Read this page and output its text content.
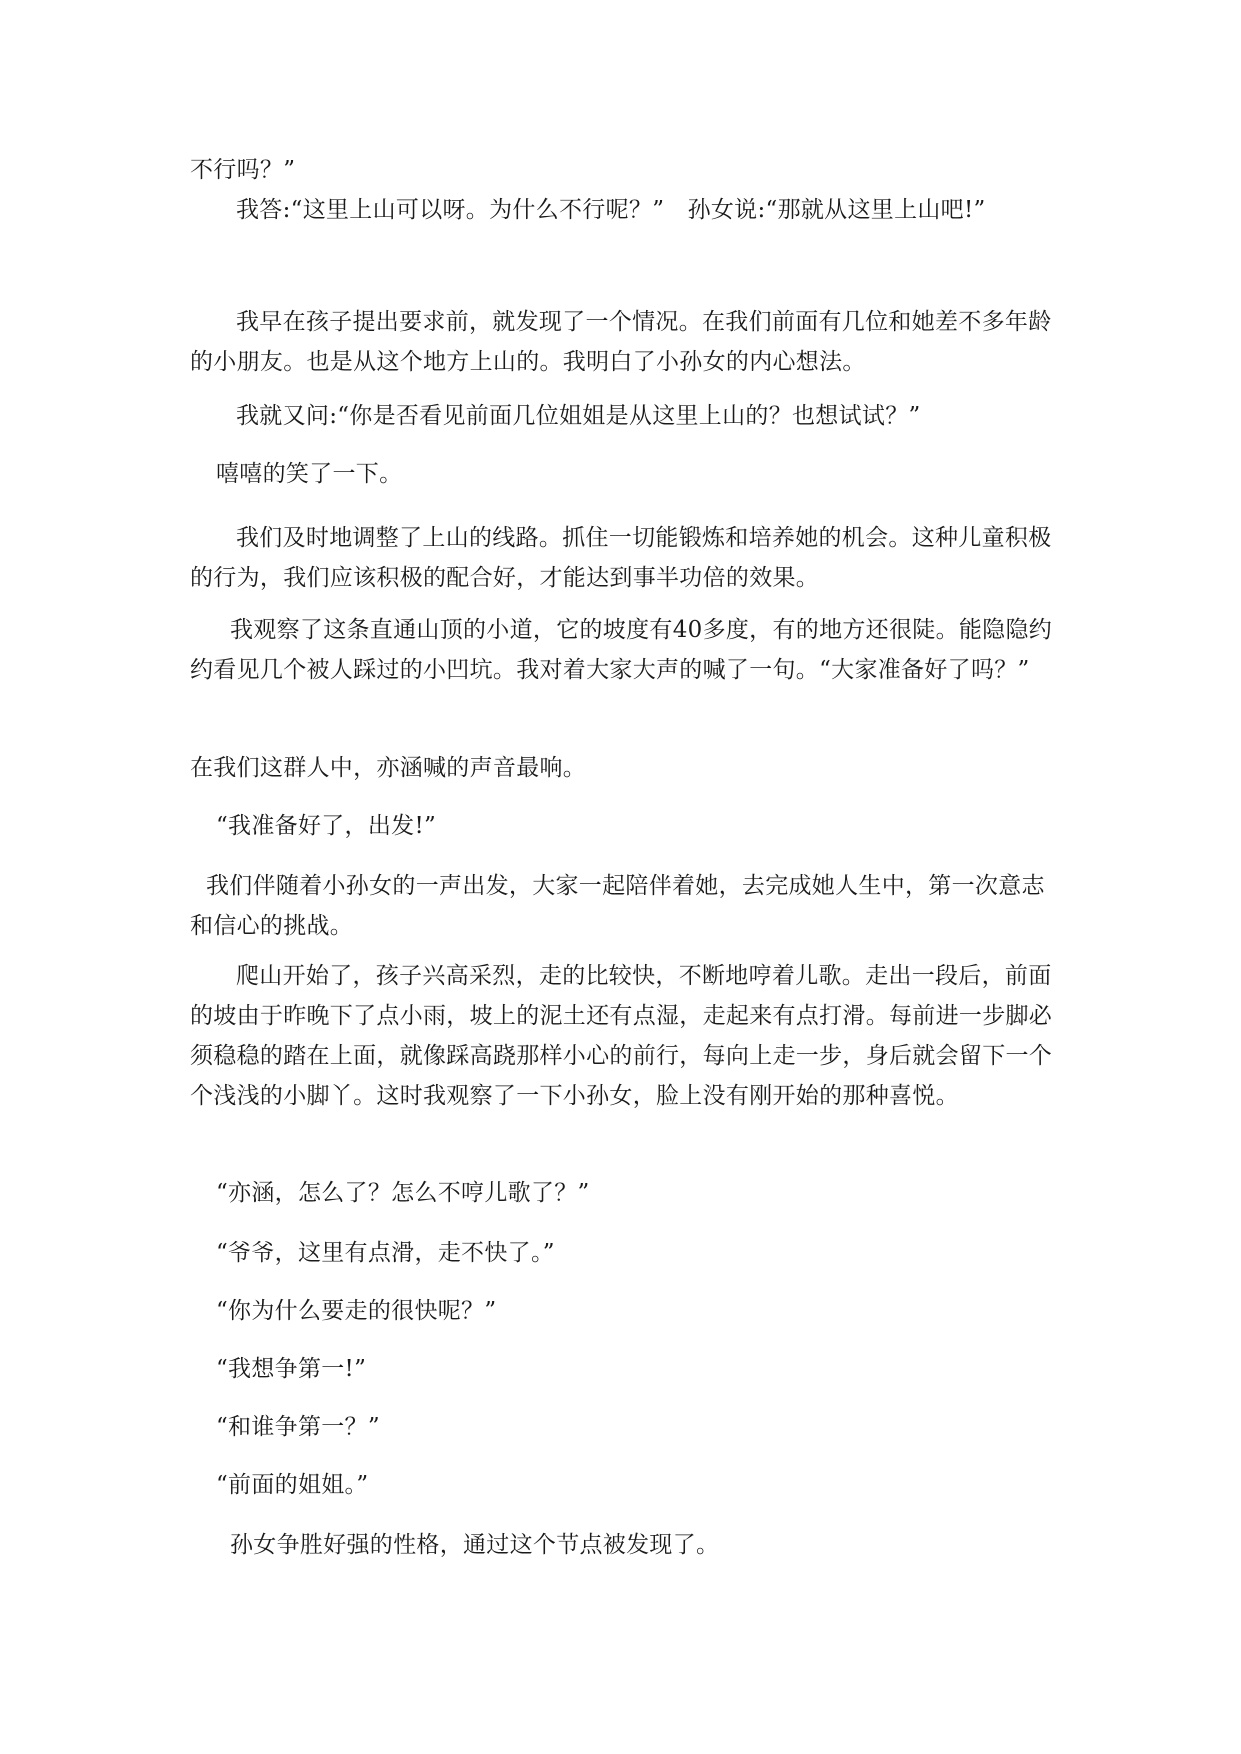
不行吗？”

我答:“这里上山可以呀。为什么不行呢？”　孙女说:“那就从这里上山吧!”

我早在孩子提出要求前，就发现了一个情况。在我们前面有几位和她差不多年龄的小朋友。也是从这个地方上山的。我明白了小孙女的内心想法。

我就又问:“你是否看见前面几位姐姐是从这里上山的？也想试试？”

嘻嘻的笑了一下。

我们及时地调整了上山的线路。抓住一切能锻炼和培养她的机会。这种儿童积极的行为，我们应该积极的配合好，才能达到事半功倍的效果。

我观察了这条直通山顶的小道，它的坡度有40多度，有的地方还很陡。能隐隐约约看见几个被人踩过的小凹坑。我对着大家大声的喊了一句。“大家准备好了吗？”

在我们这群人中，亦涵喊的声音最响。

“我准备好了，出发!”

我们伴随着小孙女的一声出发，大家一起陪伴着她，去完成她人生中，第一次意志和信心的挑战。

爬山开始了，孩子兴高采烈，走的比较快，不断地哼着儿歌。走出一段后，前面的坡由于昨晚下了点小雨，坡上的泥土还有点湿，走起来有点打滑。每前进一步脚必须稳稳的踏在上面，就像踩高跷那样小心的前行，每向上走一步，身后就会留下一个个浅浅的小脚丫。这时我观察了一下小孙女，脸上没有刚开始的那种喜悦。

“亦涵，怎么了？怎么不哼儿歌了？”

“爷爷，这里有点滑，走不快了。”

“你为什么要走的很快呢？”

“我想争第一!”

“和谁争第一？”

“前面的姐姐。”

孙女争胜好强的性格，通过这个节点被发现了。
